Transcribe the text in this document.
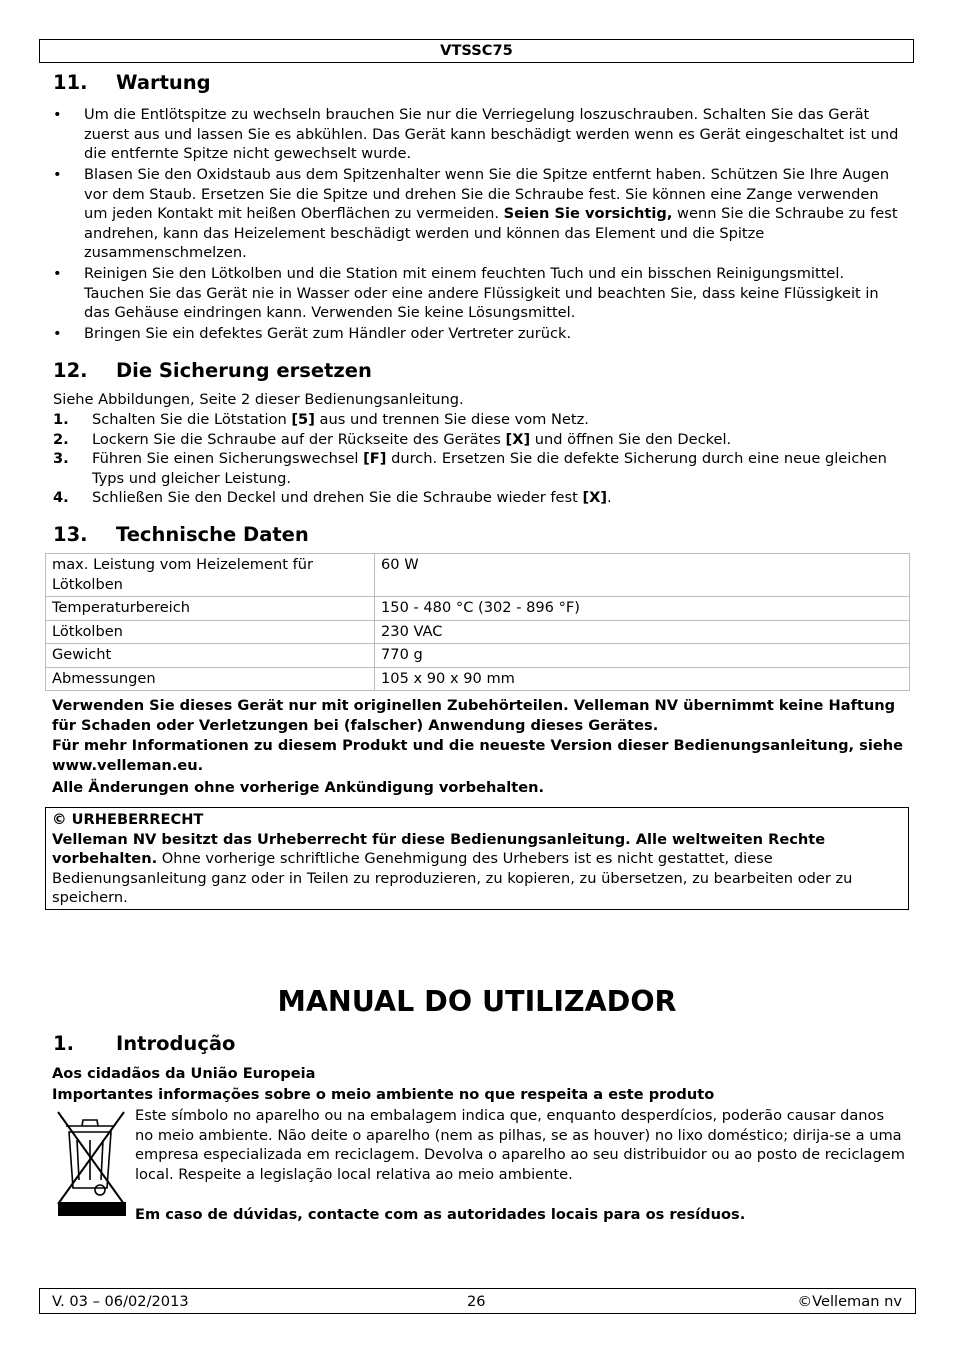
VTSSC75
11. Wartung
• Um die Entlötspitze zu wechseln brauchen Sie nur die Verriegelung loszuschrauben. Schalten Sie das Gerät zuerst aus und lassen Sie es abkühlen. Das Gerät kann beschädigt werden wenn es Gerät eingeschaltet ist und die entfernte Spitze nicht gewechselt wurde.
• Blasen Sie den Oxidstaub aus dem Spitzenhalter wenn Sie die Spitze entfernt haben. Schützen Sie Ihre Augen vor dem Staub. Ersetzen Sie die Spitze und drehen Sie die Schraube fest. Sie können eine Zange verwenden um jeden Kontakt mit heißen Oberflächen zu vermeiden. Seien Sie vorsichtig, wenn Sie die Schraube zu fest andrehen, kann das Heizelement beschädigt werden und können das Element und die Spitze zusammenschmelzen.
• Reinigen Sie den Lötkolben und die Station mit einem feuchten Tuch und ein bisschen Reinigungsmittel. Tauchen Sie das Gerät nie in Wasser oder eine andere Flüssigkeit und beachten Sie, dass keine Flüssigkeit in das Gehäuse eindringen kann. Verwenden Sie keine Lösungsmittel.
• Bringen Sie ein defektes Gerät zum Händler oder Vertreter zurück.
12. Die Sicherung ersetzen
Siehe Abbildungen, Seite 2 dieser Bedienungsanleitung.
1. Schalten Sie die Lötstation [5] aus und trennen Sie diese vom Netz.
2. Lockern Sie die Schraube auf der Rückseite des Gerätes [X] und öffnen Sie den Deckel.
3. Führen Sie einen Sicherungswechsel [F] durch. Ersetzen Sie die defekte Sicherung durch eine neue gleichen Typs und gleicher Leistung.
4. Schließen Sie den Deckel und drehen Sie die Schraube wieder fest [X].
13. Technische Daten
max. Leistung vom Heizelement für Lötkolben	60 W
Temperaturbereich	150 - 480 °C (302 - 896 °F)
Lötkolben	230 VAC
Gewicht	770 g
Abmessungen	105 x 90 x 90 mm
Verwenden Sie dieses Gerät nur mit originellen Zubehörteilen. Velleman NV übernimmt keine Haftung für Schaden oder Verletzungen bei (falscher) Anwendung dieses Gerätes.
Für mehr Informationen zu diesem Produkt und die neueste Version dieser Bedienungsanleitung, siehe www.velleman.eu.
Alle Änderungen ohne vorherige Ankündigung vorbehalten.
© URHEBERRECHT
Velleman NV besitzt das Urheberrecht für diese Bedienungsanleitung. Alle weltweiten Rechte vorbehalten. Ohne vorherige schriftliche Genehmigung des Urhebers ist es nicht gestattet, diese Bedienungsanleitung ganz oder in Teilen zu reproduzieren, zu kopieren, zu übersetzen, zu bearbeiten oder zu speichern.
MANUAL DO UTILIZADOR
1. Introdução
Aos cidadãos da União Europeia
Importantes informações sobre o meio ambiente no que respeita a este produto
Este símbolo no aparelho ou na embalagem indica que, enquanto desperdícios, poderão causar danos no meio ambiente. Não deite o aparelho (nem as pilhas, se as houver) no lixo doméstico; dirija-se a uma empresa especializada em reciclagem. Devolva o aparelho ao seu distribuidor ou ao posto de reciclagem local. Respeite a legislação local relativa ao meio ambiente.
Em caso de dúvidas, contacte com as autoridades locais para os resíduos.
V. 03 – 06/02/2013	26	©Velleman nv
